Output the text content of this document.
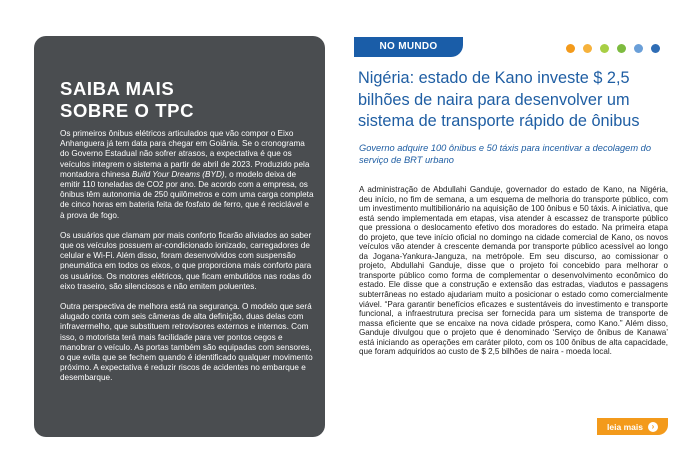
SAIBA MAIS
SOBRE O TPC

Os primeiros ônibus elétricos articulados que vão compor o Eixo Anhanguera já tem data para chegar em Goiânia. Se o cronograma do Governo Estadual não sofrer atrasos, a expectativa é que os veículos integrem o sistema a partir de abril de 2023. Produzido pela montadora chinesa Build Your Dreams (BYD), o modelo deixa de emitir 110 toneladas de CO2 por ano. De acordo com a empresa, os ônibus têm autonomia de 250 quilômetros e com uma carga completa de cinco horas em bateria feita de fosfato de ferro, que é reciclável e à prova de fogo.

Os usuários que clamam por mais conforto ficarão aliviados ao saber que os veículos possuem ar-condicionado ionizado, carregadores de celular e Wi-Fi. Além disso, foram desenvolvidos com suspensão pneumática em todos os eixos, o que proporciona mais conforto para os usuários. Os motores elétricos, que ficam embutidos nas rodas do eixo traseiro, são silenciosos e não emitem poluentes.

Outra perspectiva de melhora está na segurança. O modelo que será alugado conta com seis câmeras de alta definição, duas delas com infravermelho, que substituem retrovisores externos e internos. Com isso, o motorista terá mais facilidade para ver pontos cegos e manobrar o veículo. As portas também são equipadas com sensores, o que evita que se fechem quando é identificado qualquer movimento próximo. A expectativa é reduzir riscos de acidentes no embarque e desembarque.

NO MUNDO
Nigéria: estado de Kano investe $ 2,5 bilhões de naira para desenvolver um sistema de transporte rápido de ônibus

Governo adquire 100 ônibus e 50 táxis para incentivar a decolagem do serviço de BRT urbano

A administração de Abdullahi Ganduje, governador do estado de Kano, na Nigéria, deu início, no fim de semana, a um esquema de melhoria do transporte público, com um investimento multibilionário na aquisição de 100 ônibus e 50 táxis. A iniciativa, que está sendo implementada em etapas, visa atender à escassez de transporte público que pressiona o deslocamento efetivo dos moradores do estado. Na primeira etapa do projeto, que teve início oficial no domingo na cidade comercial de Kano, os novos veículos vão atender à crescente demanda por transporte público acessível ao longo da Jogana-Yankura-Janguza, na metrópole. Em seu discurso, ao comissionar o projeto, Abdullahi Ganduje, disse que o projeto foi concebido para melhorar o transporte público como forma de complementar o desenvolvimento econômico do estado. Ele disse que a construção e extensão das estradas, viadutos e passagens subterrâneas no estado ajudariam muito a posicionar o estado como comercialmente viável. “Para garantir benefícios eficazes e sustentáveis do investimento e transporte funcional, a infraestrutura precisa ser fornecida para um sistema de transporte de massa eficiente que se encaixe na nova cidade próspera, como Kano.” Além disso, Ganduje divulgou que o projeto que é denominado ‘Serviço de ônibus de Kanawa’ está iniciando as operações em caráter piloto, com os 100 ônibus de alta capacidade, que foram adquiridos ao custo de $ 2,5 bilhões de naira - moeda local.

leia mais	›
